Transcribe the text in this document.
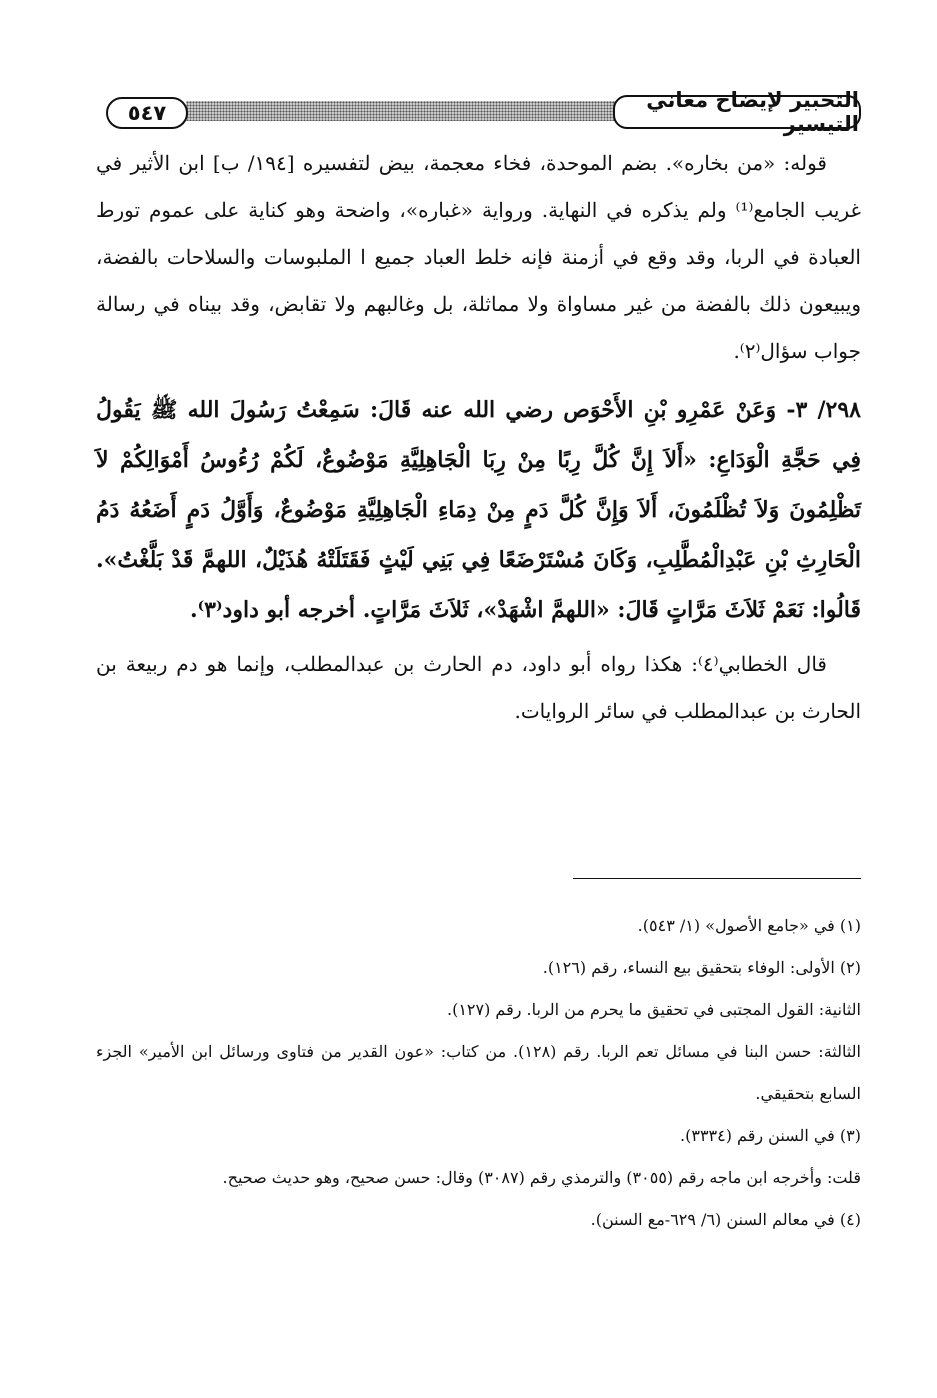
٥٤٧
التحبير لإيضاح معاني التيسير

قوله: «من بخاره». بضم الموحدة، فخاء معجمة، بيض لتفسيره [١٩٤/ ب] ابن الأثير في غريب الجامع⁽¹⁾ ولم يذكره في النهاية. ورواية «غباره»، واضحة وهو كناية على عموم تورط العبادة في الربا، وقد وقع في أزمنة فإنه خلط العباد جميع ا الملبوسات والسلاحات بالفضة، ويبيعون ذلك بالفضة من غير مساواة ولا مماثلة، بل وغالبهم ولا تقابض، وقد بيناه في رسالة جواب سؤال⁽٢⁾.

٢٩٨/ ٣- وَعَنْ عَمْرِو بْنِ الأَحْوَص رضي الله عنه قَالَ: سَمِعْتُ رَسُولَ الله ﷺ يَقُولُ فِي حَجَّةِ الْوَدَاعِ: «أَلاَ إِنَّ كُلَّ رِبًا مِنْ رِبَا الْجَاهِلِيَّةِ مَوْضُوعٌ، لَكُمْ رُءُوسُ أَمْوَالِكُمْ لاَ تَظْلِمُونَ وَلاَ تُظْلَمُونَ، أَلاَ وَإِنَّ كُلَّ دَمٍ مِنْ دِمَاءِ الْجَاهِلِيَّةِ مَوْضُوعٌ، وَأَوَّلُ دَمٍ أَضَعُهُ دَمُ الْحَارِثِ بْنِ عَبْدِالْمُطَّلِبِ، وَكَانَ مُسْتَرْضَعًا فِي بَنِي لَيْثٍ فَقَتَلَتْهُ هُذَيْلٌ، اللهمَّ قَدْ بَلَّغْتُ». قَالُوا: نَعَمْ ثَلاَثَ مَرَّاتٍ قَالَ: «اللهمَّ اشْهَدْ»، ثَلاَثَ مَرَّاتٍ. أخرجه أبو داود⁽٣⁾.

قال الخطابي⁽٤⁾: هكذا رواه أبو داود، دم الحارث بن عبدالمطلب، وإنما هو دم ربيعة بن الحارث بن عبدالمطلب في سائر الروايات.

(١) في «جامع الأصول» (١/ ٥٤٣).

(٢) الأولى: الوفاء بتحقيق بيع النساء، رقم (١٢٦).

الثانية: القول المجتبى في تحقيق ما يحرم من الربا. رقم (١٢٧).

الثالثة: حسن البنا في مسائل تعم الربا. رقم (١٢٨). من كتاب: «عون القدير من فتاوى ورسائل ابن الأمير» الجزء السابع بتحقيقي.

(٣) في السنن رقم (٣٣٣٤).

قلت: وأخرجه ابن ماجه رقم (٣٠٥٥) والترمذي رقم (٣٠٨٧) وقال: حسن صحيح، وهو حديث صحيح.

(٤) في معالم السنن (٦/ ٦٢٩-مع السنن).
